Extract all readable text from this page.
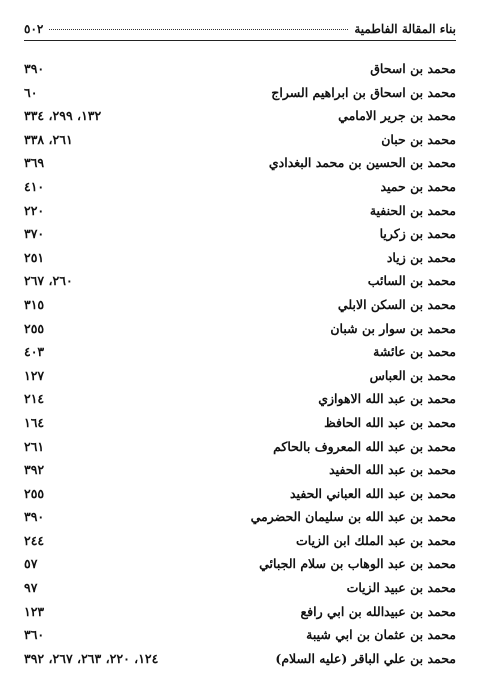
بناء المقالة الفاطمية
٥٠٢
محمد بن اسحاق
٣٩٠
محمد بن اسحاق بن ابراهيم السراج
٦٠
محمد بن جرير الامامي
١٣٢، ٢٩٩، ٣٣٤
محمد بن حبان
٢٦١، ٣٣٨
محمد بن الحسين بن محمد البغدادي
٣٦٩
محمد بن حميد
٤١٠
محمد بن الحنفية
٢٢٠
محمد بن زكريا
٣٧٠
محمد بن زياد
٢٥١
محمد بن السائب
٢٦٠، ٢٦٧
محمد بن السكن الابلي
٣١٥
محمد بن سوار بن شبان
٢٥٥
محمد بن عائشة
٤٠٣
محمد بن العباس
١٢٧
محمد بن عبد الله الاهوازي
٢١٤
محمد بن عبد الله الحافظ
١٦٤
محمد بن عبد الله المعروف بالحاكم
٢٦١
محمد بن عبد الله الحفيد
٣٩٢
محمد بن عبد الله العباني الحفيد
٢٥٥
محمد بن عبد الله بن سليمان الحضرمي
٣٩٠
محمد بن عبد الملك ابن الزيات
٢٤٤
محمد بن عبد الوهاب بن سلام الجبائي
٥٧
محمد بن عبيد الزيات
٩٧
محمد بن عبيدالله بن ابي رافع
١٢٣
محمد بن عثمان بن ابي شيبة
٣٦٠
محمد بن علي الباقر (عليه السلام)
١٢٤، ٢٢٠، ٢٦٣، ٢٦٧، ٣٩٢
